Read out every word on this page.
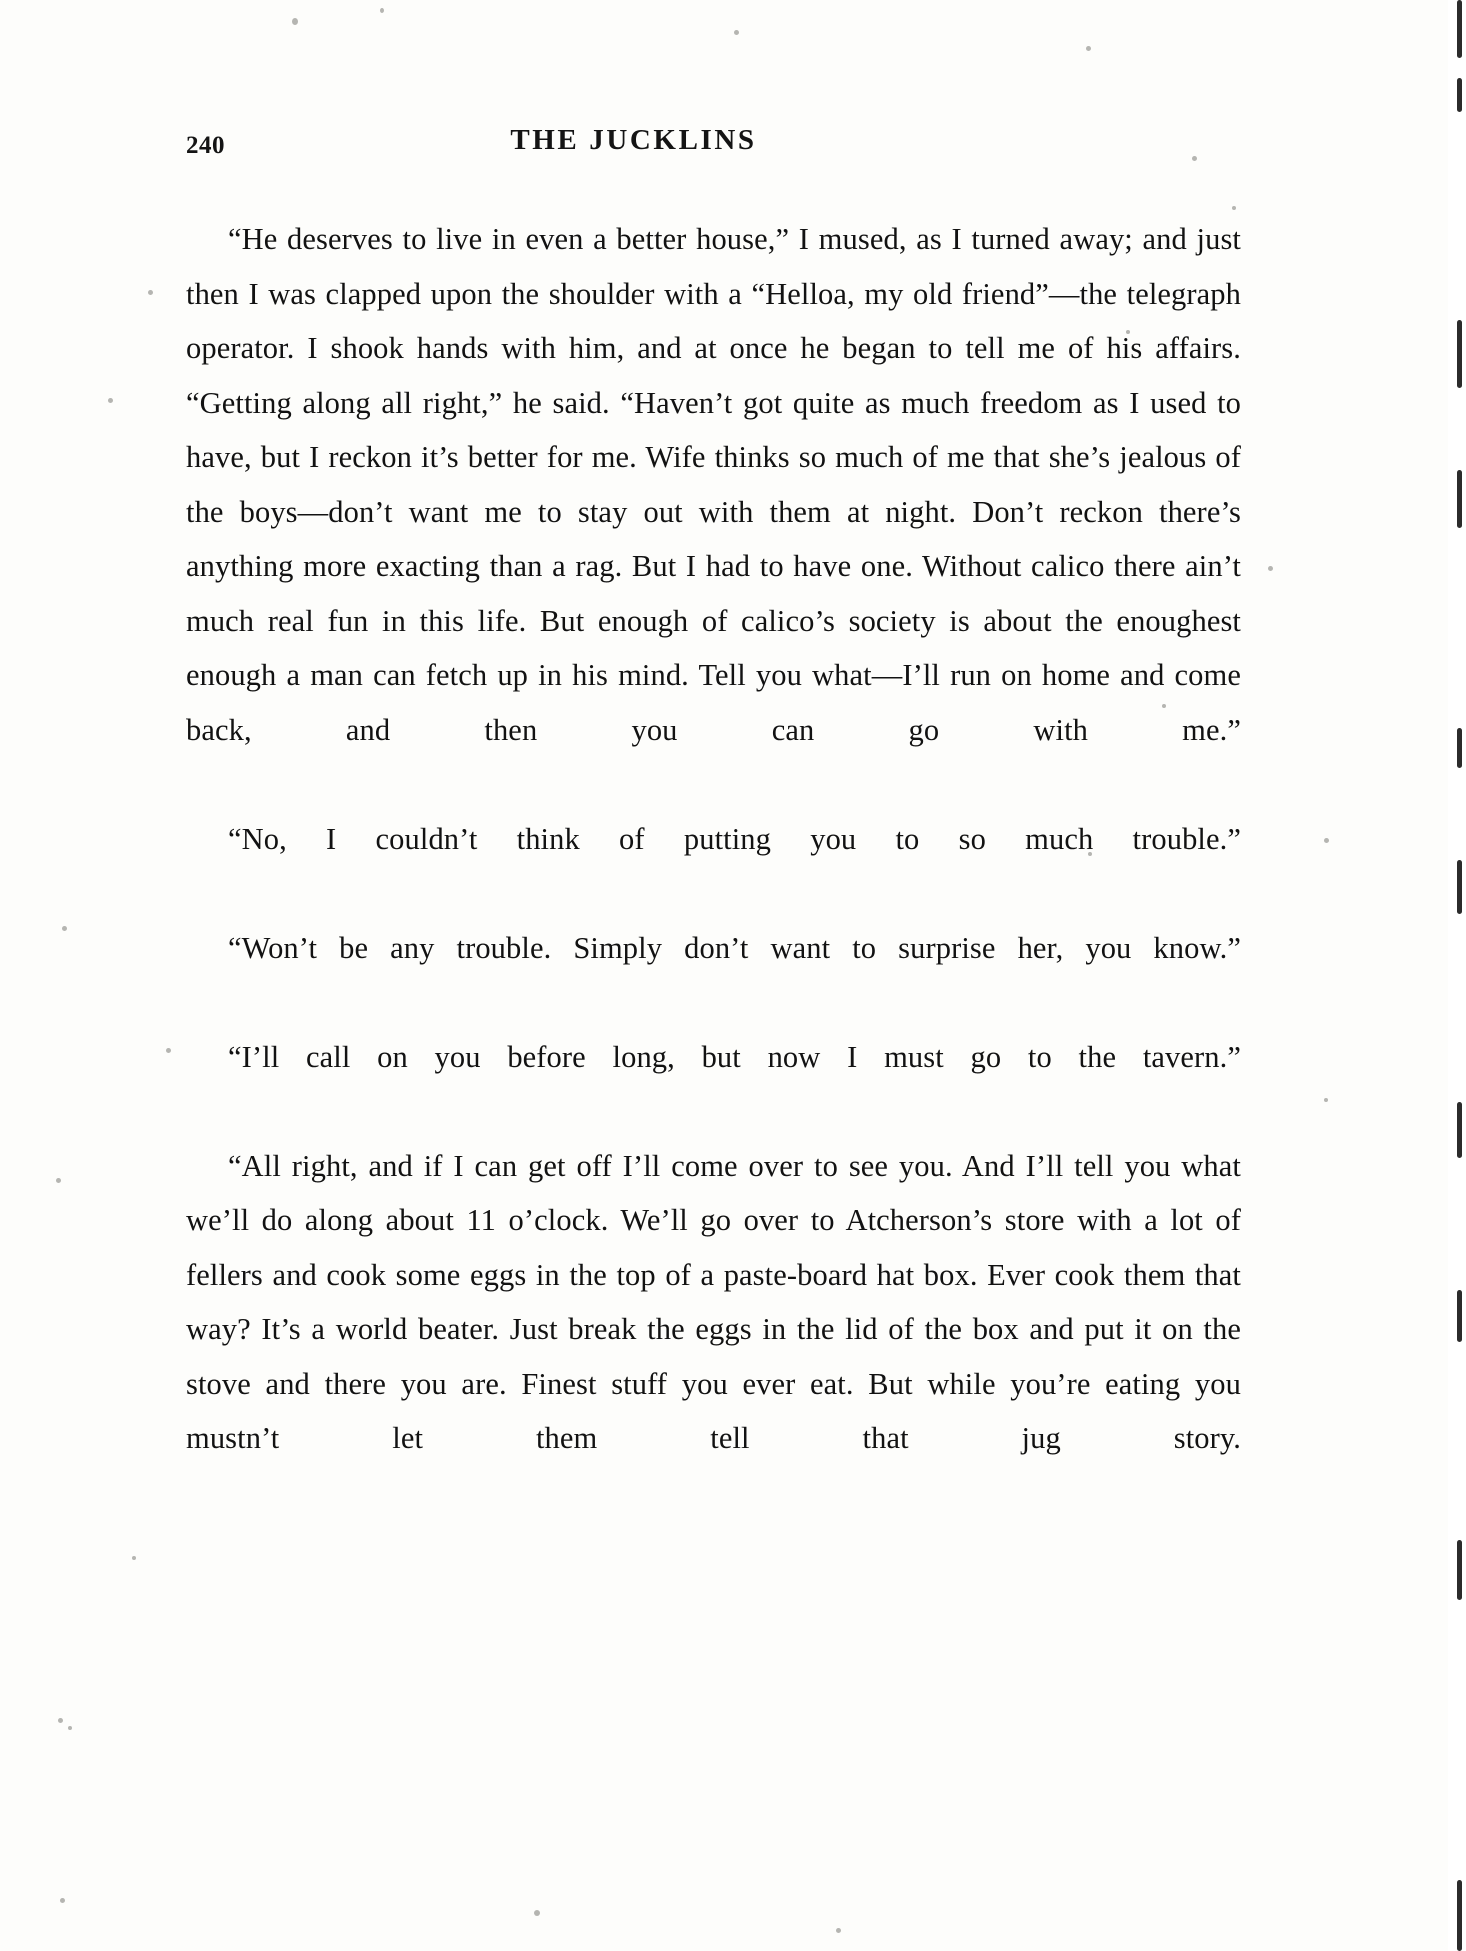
240	THE JUCKLINS

“He deserves to live in even a better house,” I mused, as I turned away; and just then I was clapped upon the shoulder with a “Helloa, my old friend”—the telegraph operator. I shook hands with him, and at once he began to tell me of his affairs. “Getting along all right,” he said. “Haven’t got quite as much freedom as I used to have, but I reckon it’s better for me. Wife thinks so much of me that she’s jealous of the boys—don’t want me to stay out with them at night. Don’t reckon there’s anything more exacting than a rag. But I had to have one. Without calico there ain’t much real fun in this life. But enough of calico’s society is about the enoughest enough a man can fetch up in his mind. Tell you what—I’ll run on home and come back, and then you can go with me.”

“No, I couldn’t think of putting you to so much trouble.”

“Won’t be any trouble. Simply don’t want to surprise her, you know.”

“I’ll call on you before long, but now I must go to the tavern.”

“All right, and if I can get off I’ll come over to see you. And I’ll tell you what we’ll do along about 11 o’clock. We’ll go over to Atcherson’s store with a lot of fellers and cook some eggs in the top of a paste-board hat box. Ever cook them that way? It’s a world beater. Just break the eggs in the lid of the box and put it on the stove and there you are. Finest stuff you ever eat. But while you’re eating you mustn’t let them tell that jug story.
